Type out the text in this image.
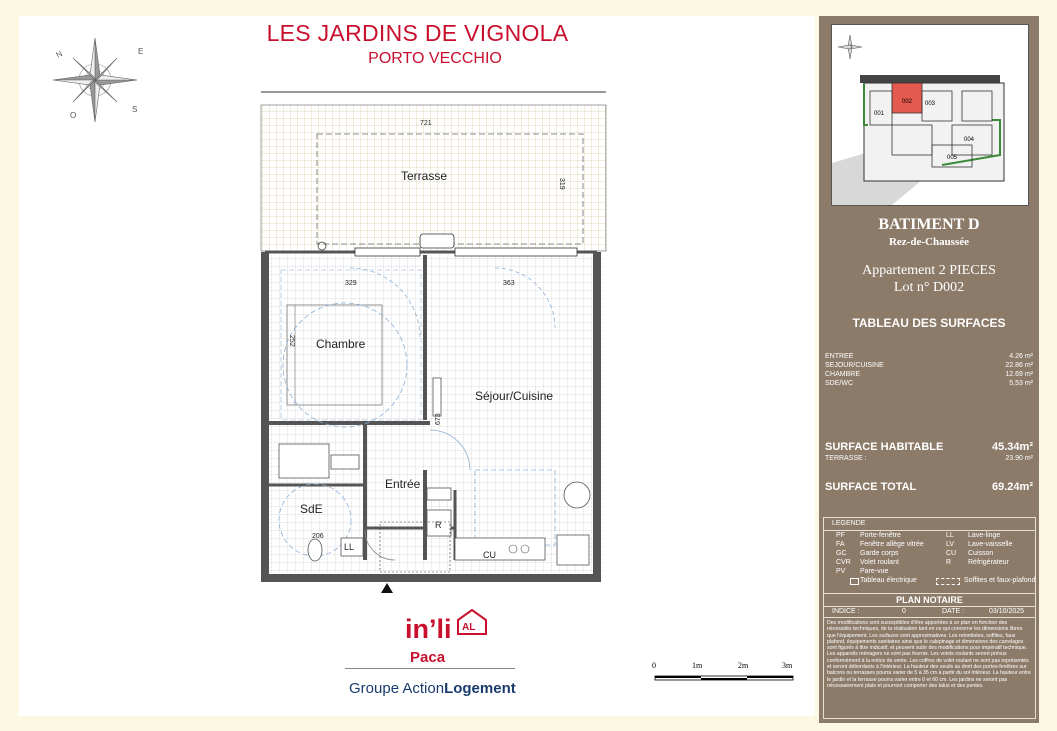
LES JARDINS DE VIGNOLA
PORTO VECCHIO
N	E
S
O
Terrasse
Chambre
Séjour/Cuisine
Entrée
SdE
721
319
329	363
252
673
206
LL
R
CU
in’li AL
Paca
Groupe ActionLogement
0	1m	2m	3m
001
002 003
004
005
BATIMENT D
Rez-de-Chaussée
Appartement 2 PIECES
Lot n° D002
TABLEAU DES SURFACES
ENTREE	4.26 m²
SEJOUR/CUISINE	22.86 m²
CHAMBRE	12.69 m²
SDE/WC	5,53 m²
SURFACE HABITABLE	45.34m²
TERRASSE :	23.90 m²
SURFACE TOTAL	69.24m²
LEGENDE
PF Porte-fenêtre
FA Fenêtre allège vitrée
GC Garde corps
CVR Volet roulant
PV Pare-vue
Tableau électrique
LL Lave-linge
LV Lave-vaisselle
CU Cuisson
R Réfrigérateur
Soffites et faux-plafond
PLAN NOTAIRE
INDICE :	0	DATE :	03/10/2025
Des modifications sont susceptibles d'être apportées à ce plan en fonction des nécessités techniques, de la réalisation tant en ce qui concerne les dimensions libres que l'équipement. Les surfaces sont approximatives. Les retombées, soffites, faux plafond, équipements sanitaires ainsi que le calepinage et dimensions des carrelages sont figurés à titre indicatif, et peuvent subir des modifications pour impératif technique. Les appareils ménagers ne sont pas fournis. Les volets roulants seront prévus conformément à la notice de vente. Les coffres de volet roulant ne sont pas représentés et seront débordants à l'intérieur. La hauteur des seuils au droit des portes-fenêtres sur balcons ou terrasses pourra varier de 5 à 35 cm à partir du sol intérieur. La hauteur entre le jardin et la terrasse pourra varier entre 0 et 60 cm. Les jardins ne seront pas nécessairement plats et pourront comporter des talus et des pentes.
